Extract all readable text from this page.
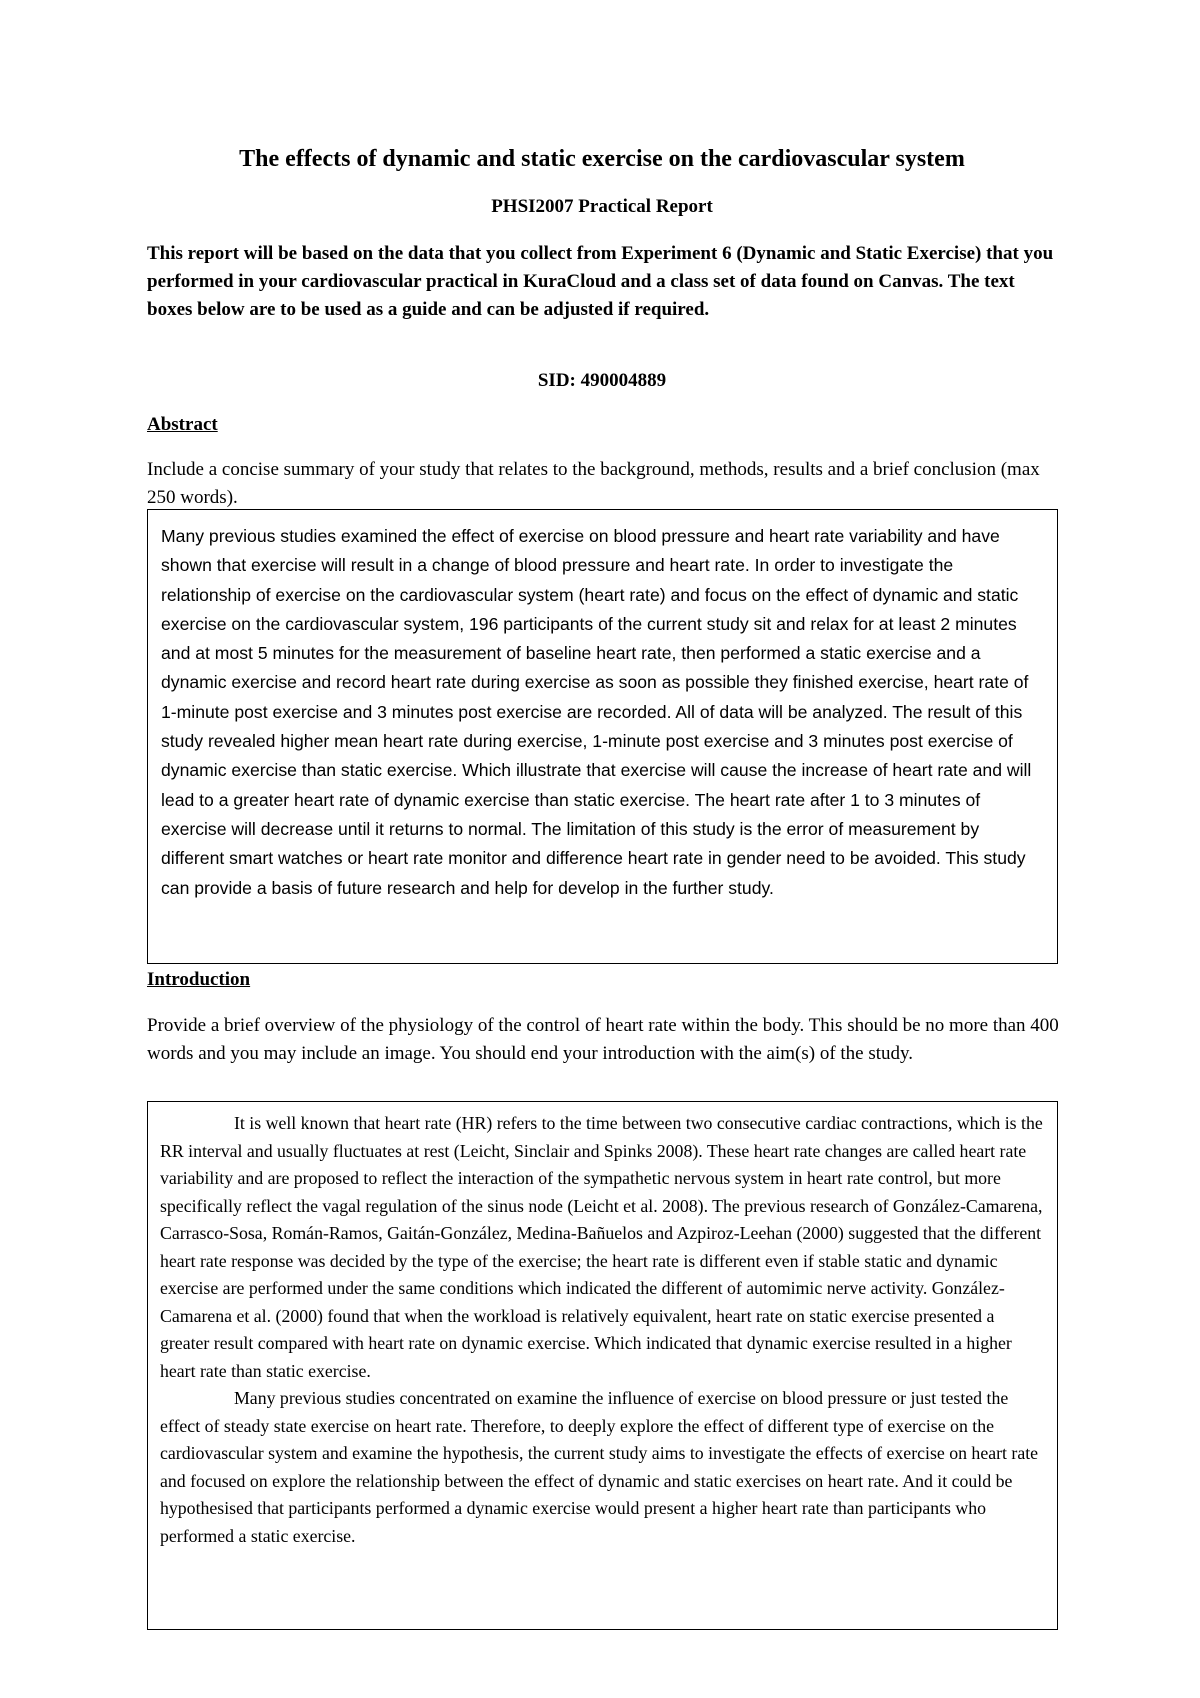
The effects of dynamic and static exercise on the cardiovascular system
PHSI2007 Practical Report

This report will be based on the data that you collect from Experiment 6 (Dynamic and Static Exercise) that you performed in your cardiovascular practical in KuraCloud and a class set of data found on Canvas. The text boxes below are to be used as a guide and can be adjusted if required.

SID: 490004889
Abstract

Include a concise summary of your study that relates to the background, methods, results and a brief conclusion (max 250 words).

Many previous studies examined the effect of exercise on blood pressure and heart rate variability and have shown that exercise will result in a change of blood pressure and heart rate. In order to investigate the relationship of exercise on the cardiovascular system (heart rate) and focus on the effect of dynamic and static exercise on the cardiovascular system, 196 participants of the current study sit and relax for at least 2 minutes and at most 5 minutes for the measurement of baseline heart rate, then performed a static exercise and a dynamic exercise and record heart rate during exercise as soon as possible they finished exercise, heart rate of 1-minute post exercise and 3 minutes post exercise are recorded. All of data will be analyzed. The result of this study revealed higher mean heart rate during exercise, 1-minute post exercise and 3 minutes post exercise of dynamic exercise than static exercise. Which illustrate that exercise will cause the increase of heart rate and will lead to a greater heart rate of dynamic exercise than static exercise. The heart rate after 1 to 3 minutes of exercise will decrease until it returns to normal. The limitation of this study is the error of measurement by different smart watches or heart rate monitor and difference heart rate in gender need to be avoided. This study can provide a basis of future research and help for develop in the further study.

Introduction

Provide a brief overview of the physiology of the control of heart rate within the body. This should be no more than 400 words and you may include an image. You should end your introduction with the aim(s) of the study.

It is well known that heart rate (HR) refers to the time between two consecutive cardiac contractions, which is the RR interval and usually fluctuates at rest (Leicht, Sinclair and Spinks 2008). These heart rate changes are called heart rate variability and are proposed to reflect the interaction of the sympathetic nervous system in heart rate control, but more specifically reflect the vagal regulation of the sinus node (Leicht et al. 2008). The previous research of González-Camarena, Carrasco-Sosa, Román-Ramos, Gaitán-González, Medina-Bañuelos and Azpiroz-Leehan (2000) suggested that the different heart rate response was decided by the type of the exercise; the heart rate is different even if stable static and dynamic exercise are performed under the same conditions which indicated the different of automimic nerve activity. González-Camarena et al. (2000) found that when the workload is relatively equivalent, heart rate on static exercise presented a greater result compared with heart rate on dynamic exercise. Which indicated that dynamic exercise resulted in a higher heart rate than static exercise.

Many previous studies concentrated on examine the influence of exercise on blood pressure or just tested the effect of steady state exercise on heart rate. Therefore, to deeply explore the effect of different type of exercise on the cardiovascular system and examine the hypothesis, the current study aims to investigate the effects of exercise on heart rate and focused on explore the relationship between the effect of dynamic and static exercises on heart rate. And it could be hypothesised that participants performed a dynamic exercise would present a higher heart rate than participants who performed a static exercise.
